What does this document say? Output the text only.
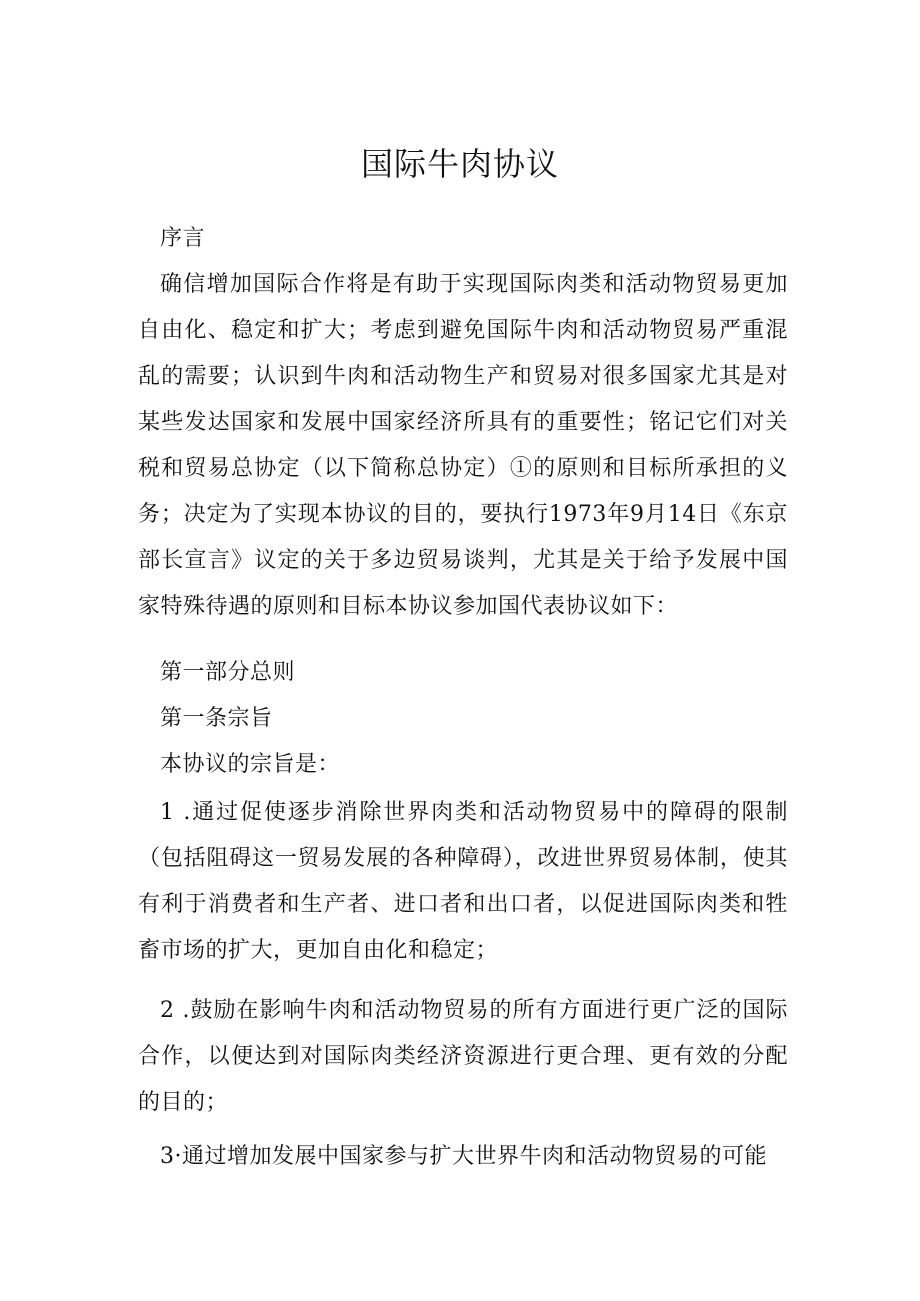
国际牛肉协议
序言
确信增加国际合作将是有助于实现国际肉类和活动物贸易更加自由化、稳定和扩大；考虑到避免国际牛肉和活动物贸易严重混乱的需要；认识到牛肉和活动物生产和贸易对很多国家尤其是对某些发达国家和发展中国家经济所具有的重要性；铭记它们对关税和贸易总协定（以下简称总协定）①的原则和目标所承担的义务；决定为了实现本协议的目的，要执行1973年9月14日《东京部长宣言》议定的关于多边贸易谈判，尤其是关于给予发展中国家特殊待遇的原则和目标本协议参加国代表协议如下：
第一部分总则
第一条宗旨
本协议的宗旨是：
1 .通过促使逐步消除世界肉类和活动物贸易中的障碍的限制（包括阻碍这一贸易发展的各种障碍），改进世界贸易体制，使其有利于消费者和生产者、进口者和出口者，以促进国际肉类和牲畜市场的扩大，更加自由化和稳定；
2 .鼓励在影响牛肉和活动物贸易的所有方面进行更广泛的国际合作，以便达到对国际肉类经济资源进行更合理、更有效的分配的目的；
3·通过增加发展中国家参与扩大世界牛肉和活动物贸易的可能
